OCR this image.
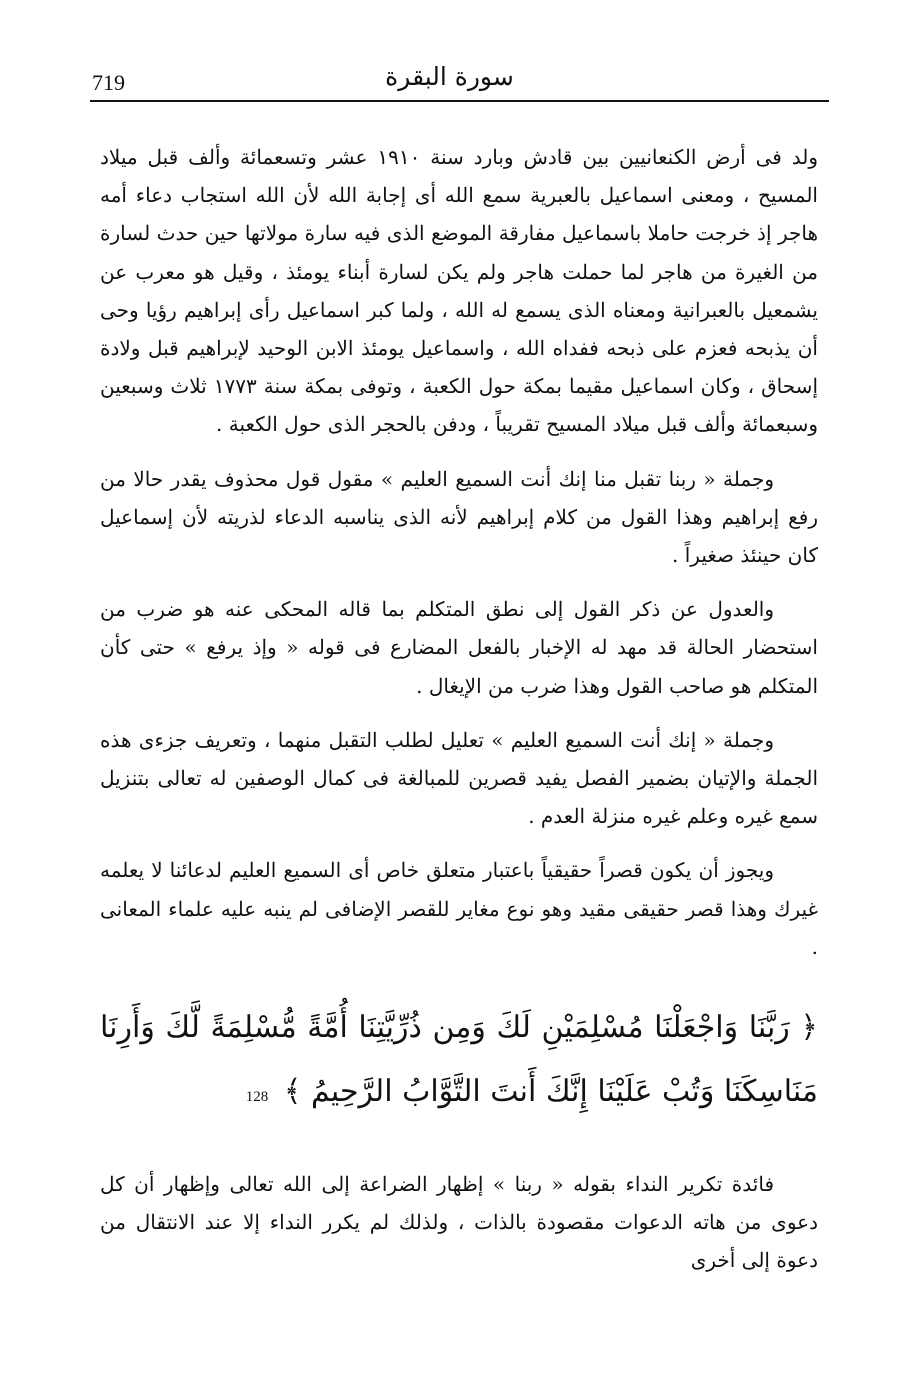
719	سورة البقرة

ولد فى أرض الكنعانيين بين قادش وبارد سنة ١٩١٠ عشر وتسعمائة وألف قبل ميلاد المسيح ، ومعنى اسماعيل بالعبرية سمع الله أى إجابة الله لأن الله استجاب دعاء أمه هاجر إذ خرجت حاملا باسماعيل مفارقة الموضع الذى فيه سارة مولاتها حين حدث لسارة من الغيرة من هاجر لما حملت هاجر ولم يكن لسارة أبناء يومئذ ، وقيل هو معرب عن يشمعيل بالعبرانية ومعناه الذى يسمع له الله ، ولما كبر اسماعيل رأى إبراهيم رؤيا وحى أن يذبحه فعزم على ذبحه ففداه الله ، واسماعيل يومئذ الابن الوحيد لإبراهيم قبل ولادة إسحاق ، وكان اسماعيل مقيما بمكة حول الكعبة ، وتوفى بمكة سنة ١٧٧٣ ثلاث وسبعين وسبعمائة وألف قبل ميلاد المسيح تقريباً ، ودفن بالحجر الذى حول الكعبة .

وجملة « ربنا تقبل منا إنك أنت السميع العليم » مقول قول محذوف يقدر حالا من رفع إبراهيم وهذا القول من كلام إبراهيم لأنه الذى يناسبه الدعاء لذريته لأن إسماعيل كان حينئذ صغيراً .

والعدول عن ذكر القول إلى نطق المتكلم بما قاله المحكى عنه هو ضرب من استحضار الحالة قد مهد له الإخبار بالفعل المضارع فى قوله « وإذ يرفع » حتى كأن المتكلم هو صاحب القول وهذا ضرب من الإيغال .

وجملة « إنك أنت السميع العليم » تعليل لطلب التقبل منهما ، وتعريف جزءى هذه الجملة والإتيان بضمير الفصل يفيد قصرين للمبالغة فى كمال الوصفين له تعالى بتنزيل سمع غيره وعلم غيره منزلة العدم .

ويجوز أن يكون قصراً حقيقياً باعتبار متعلق خاص أى السميع العليم لدعائنا لا يعلمه غيرك وهذا قصر حقيقى مقيد وهو نوع مغاير للقصر الإضافى لم ينبه عليه علماء المعانى .

﴿ رَبَّنَا وَاجْعَلْنَا مُسْلِمَيْنِ لَكَ وَمِن ذُرِّيَّتِنَا أُمَّةً مُّسْلِمَةً لَّكَ وَأَرِنَا مَنَاسِكَنَا وَتُبْ عَلَيْنَا إِنَّكَ أَنتَ التَّوَّابُ الرَّحِيمُ ﴾ 128

فائدة تكرير النداء بقوله « ربنا » إظهار الضراعة إلى الله تعالى وإظهار أن كل دعوى من هاته الدعوات مقصودة بالذات ، ولذلك لم يكرر النداء إلا عند الانتقال من دعوة إلى أخرى
